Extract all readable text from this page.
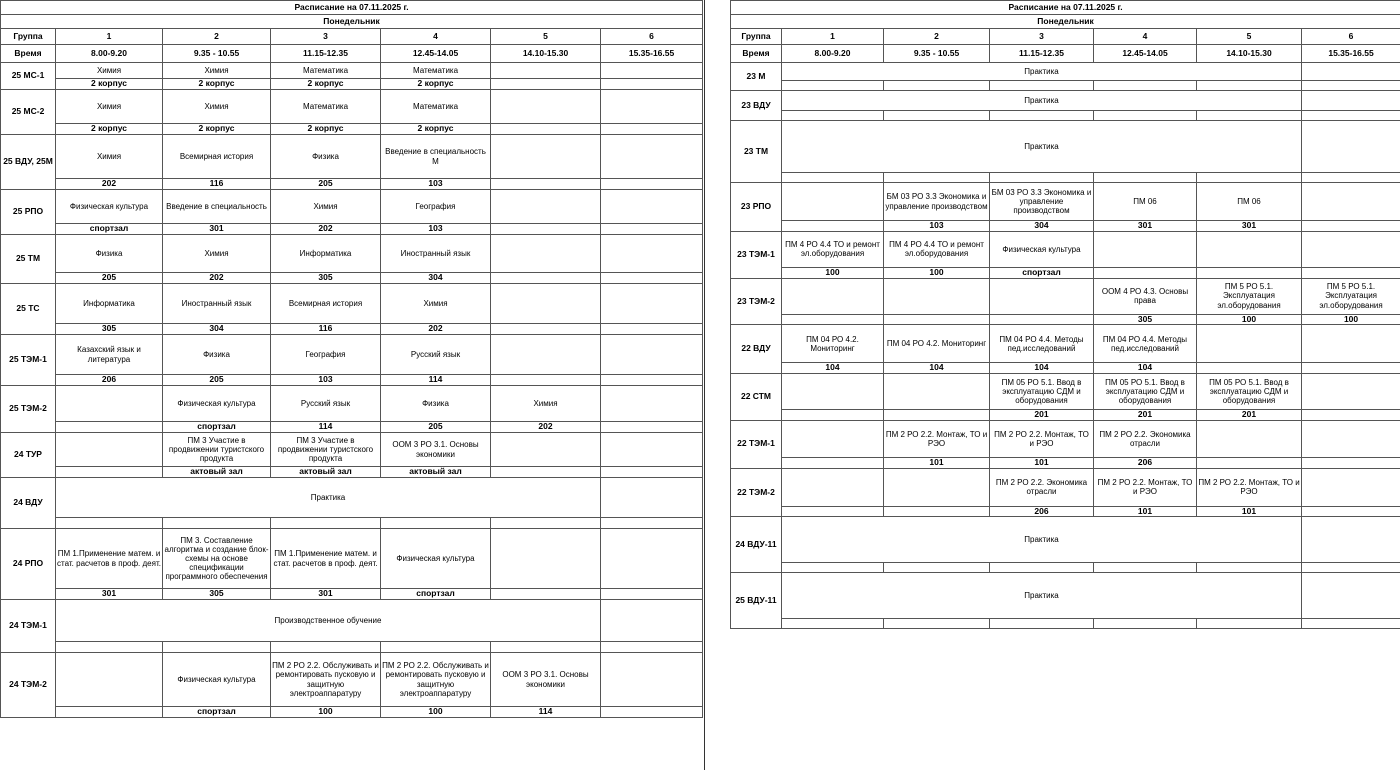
Расписание на 07.11.2025 г.						
Понедельник						
Группа	1	2	3	4	5	6
Время	8.00-9.20	9.35 - 10.55	11.15-12.35	12.45-14.05	14.10-15.30	15.35-16.55
25 МС-1	Химия	Химия	Математика	Математика		
	2 корпус	2 корпус	2 корпус	2 корпус		
25 МС-2	Химия	Химия	Математика	Математика		
	2 корпус	2 корпус	2 корпус	2 корпус		
25 ВДУ, 25М	Химия	Всемирная история	Физика	Введение в специальность М		
	202	116	205	103		
25 РПО	Физическая культура	Введение в специальность	Химия	География		
	спортзал	301	202	103		
25 ТМ	Физика	Химия	Информатика	Иностранный язык		
	205	202	305	304		
25 ТС	Информатика	Иностранный язык	Всемирная история	Химия		
	305	304	116	202		
25 ТЭМ-1	Казахский язык и литература	Физика	География	Русский язык		
	206	205	103	114		
25 ТЭМ-2		Физическая культура	Русский язык	Физика	Химия	
		спортзал	114	205	202	
24 ТУР		ПМ 3 Участие в продвижении туристского продукта	ПМ 3 Участие в продвижении туристского продукта	ООМ 3 РО 3.1. Основы экономики		
		актовый зал	актовый зал	актовый зал		
24 ВДУ	Практика					

24 РПО	ПМ 1.Применение матем. и стат. расчетов в проф. деят.	ПМ 3. Составление алгоритма и создание блок-схемы на основе спецификации программного обеспечения	ПМ 1.Применение матем. и стат. расчетов в проф. деят.	Физическая культура		
	301	305	301	спортзал		
24 ТЭМ-1	Производственное обучение					

24 ТЭМ-2		Физическая культура	ПМ 2 РО 2.2. Обслуживать и ремонтировать пусковую и защитную электроаппаратуру	ПМ 2 РО 2.2. Обслуживать и ремонтировать пусковую и защитную электроаппаратуру	ООМ 3 РО 3.1. Основы экономики	
		спортзал	100	100	114	
Расписание на 07.11.2025 г.						
Понедельник						
Группа	1	2	3	4	5	6
Время	8.00-9.20	9.35 - 10.55	11.15-12.35	12.45-14.05	14.10-15.30	15.35-16.55
23 М	Практика					

23 ВДУ	Практика					

23 ТМ	Практика					

23 РПО		БМ 03 РО 3.3 Экономика и управление производством	БМ 03 РО 3.3 Экономика и управление производством	ПМ 06	ПМ 06	
		103	304	301	301	
23 ТЭМ-1	ПМ 4 РО 4.4 ТО и ремонт эл.оборудования	ПМ 4 РО 4.4 ТО и ремонт эл.оборудования	Физическая культура			
	100	100	спортзал			
23 ТЭМ-2				ООМ 4 РО 4.3. Основы права	ПМ 5 РО 5.1. Эксплуатация эл.оборудования	ПМ 5 РО 5.1. Эксплуатация эл.оборудования
				305	100	100
22 ВДУ	ПМ 04 РО 4.2. Мониторинг	ПМ 04 РО 4.2. Мониторинг	ПМ 04 РО 4.4. Методы пед.исследований	ПМ 04 РО 4.4. Методы пед.исследований		
	104	104	104	104		
22 СТМ			ПМ 05 РО 5.1. Ввод в эксплуатацию СДМ и оборудования	ПМ 05 РО 5.1. Ввод в эксплуатацию СДМ и оборудования	ПМ 05 РО 5.1. Ввод в эксплуатацию СДМ и оборудования	
			201	201	201	
22 ТЭМ-1		ПМ 2 РО 2.2. Монтаж, ТО и РЭО	ПМ 2 РО 2.2. Монтаж, ТО и РЭО	ПМ 2 РО 2.2. Экономика отрасли		
		101	101	206		
22 ТЭМ-2			ПМ 2 РО 2.2. Экономика отрасли	ПМ 2 РО 2.2. Монтаж, ТО и РЭО	ПМ 2 РО 2.2. Монтаж, ТО и РЭО	
			206	101	101	
24 ВДУ-11	Практика					

25 ВДУ-11	Практика					
